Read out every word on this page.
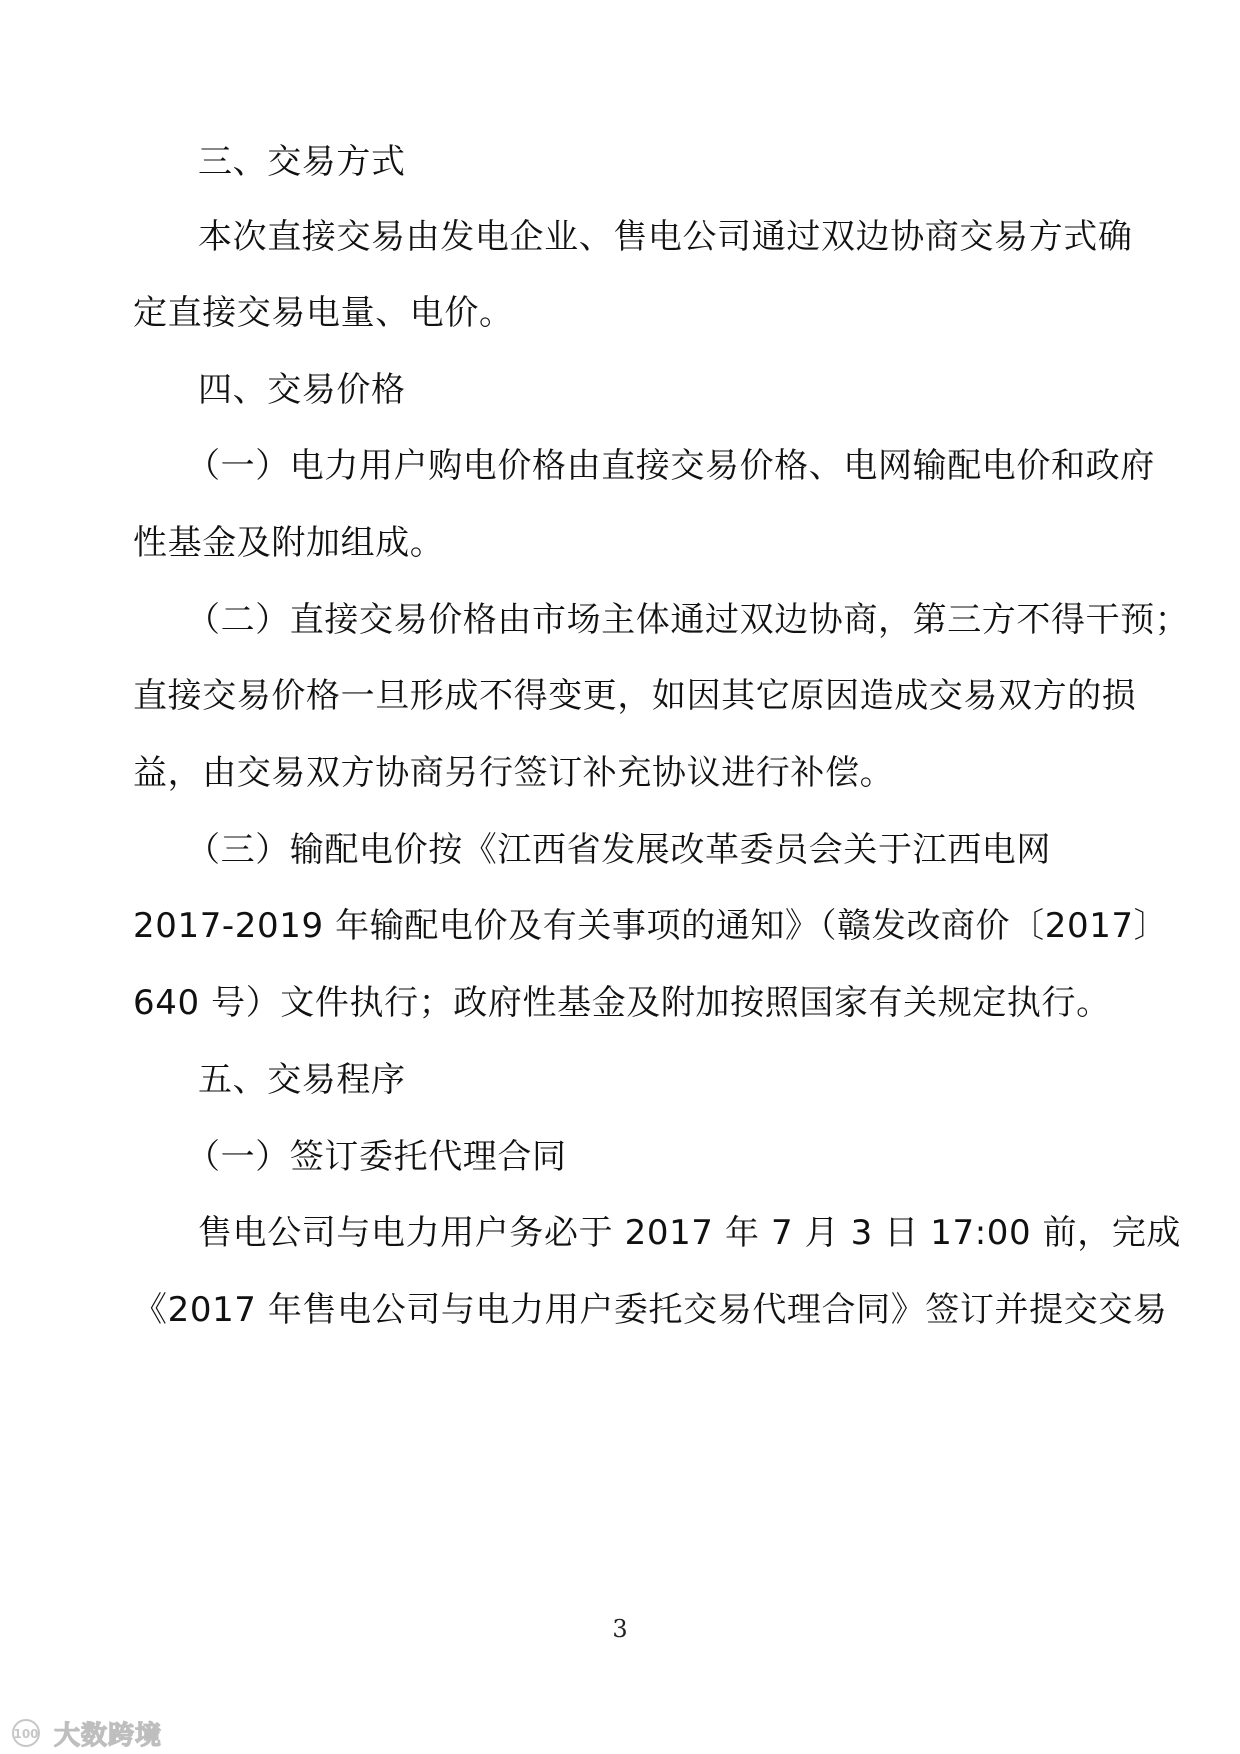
三、交易方式
本 次 直 接 交 易 由 发 电 企 业 、 售 电 公 司 通 过 双 边 协 商 交 易 方 式 确
定直接交易电量、电价。
四、交易价格
（一）电力用户购电价格由直接交易价格、电网输配电价和政府
性基金及附加组成。
（二）直接交易价格由市场主体通过双边协商，第三方不得干预；
直接交易价格一旦形成不得变更，如因其它原因造成交易双方的损
益，由交易双方协商另行签订补充协议进行补偿。
（三）输配电价按《江西省发展改革委员会关于江西电网
2017-2019 年输配电价及有关事项的通知》（赣发改商价〔2017〕
640 号）文件执行；政府性基金及附加按照国家有关规定执行。
五、交易程序
（一）签订委托代理合同
售电公司与电力用户务必于 2017 年 7 月 3 日 17:00 前，完成
《2017 年售电公司与电力用户委托交易代理合同》签订并提交交易
3
100 大数跨境
